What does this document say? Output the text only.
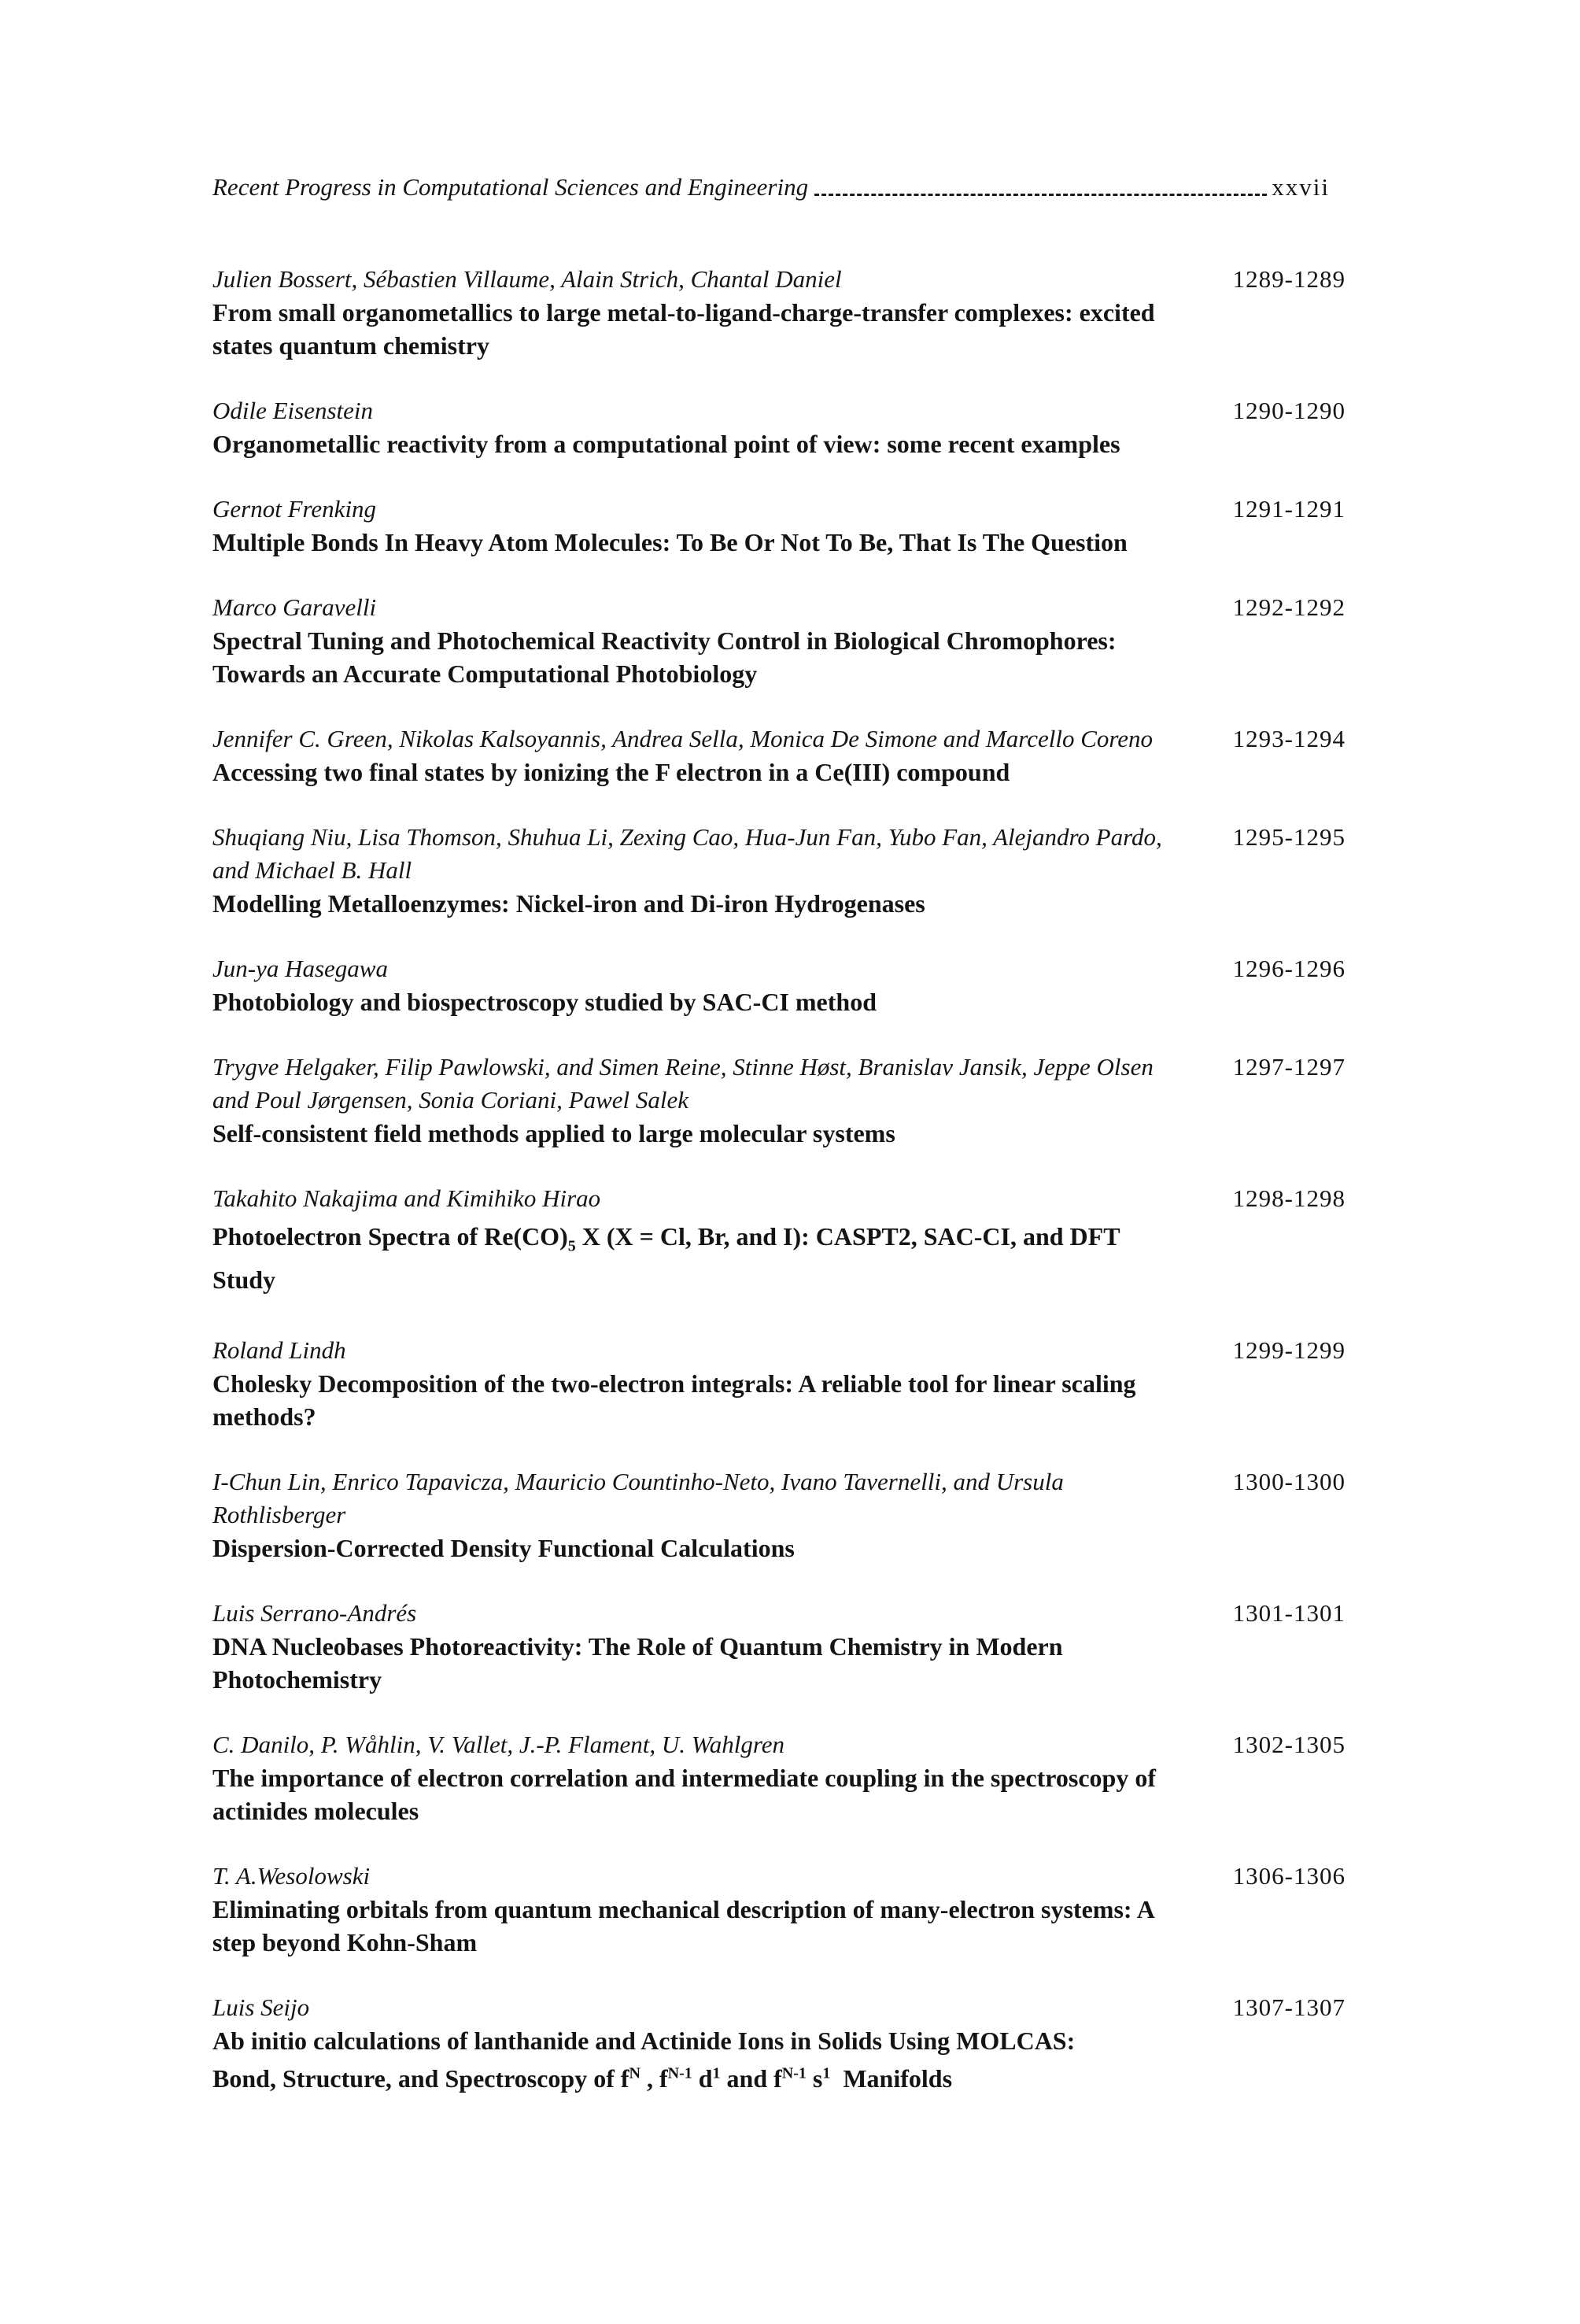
Recent Progress in Computational Sciences and Engineering	xxvii
Julien Bossert, Sébastien Villaume, Alain Strich, Chantal Daniel
From small organometallics to large metal-to-ligand-charge-transfer complexes: excited states quantum chemistry
1289-1289
Odile Eisenstein
Organometallic reactivity from a computational point of view: some recent examples
1290-1290
Gernot Frenking
Multiple Bonds In Heavy Atom Molecules: To Be Or Not To Be, That Is The Question
1291-1291
Marco Garavelli
Spectral Tuning and Photochemical Reactivity Control in Biological Chromophores: Towards an Accurate Computational Photobiology
1292-1292
Jennifer C. Green, Nikolas Kalsoyannis, Andrea Sella, Monica De Simone and Marcello Coreno
Accessing two final states by ionizing the F electron in a Ce(III) compound
1293-1294
Shuqiang Niu, Lisa Thomson, Shuhua Li, Zexing Cao, Hua-Jun Fan, Yubo Fan, Alejandro Pardo, and Michael B. Hall
Modelling Metalloenzymes: Nickel-iron and Di-iron Hydrogenases
1295-1295
Jun-ya Hasegawa
Photobiology and biospectroscopy studied by SAC-CI method
1296-1296
Trygve Helgaker, Filip Pawlowski, and Simen Reine, Stinne Høst, Branislav Jansik, Jeppe Olsen and Poul Jørgensen, Sonia Coriani, Pawel Salek
Self-consistent field methods applied to large molecular systems
1297-1297
Takahito Nakajima and Kimihiko Hirao
Photoelectron Spectra of $Re(CO)_5$ X (X = Cl, Br, and I): CASPT2, SAC-CI, and DFT Study
1298-1298
Roland Lindh
Cholesky Decomposition of the two-electron integrals: A reliable tool for linear scaling methods?
1299-1299
I-Chun Lin, Enrico Tapavicza, Mauricio Countinho-Neto, Ivano Tavernelli, and Ursula Rothlisberger
Dispersion-Corrected Density Functional Calculations
1300-1300
Luis Serrano-Andrés
DNA Nucleobases Photoreactivity: The Role of Quantum Chemistry in Modern Photochemistry
1301-1301
C. Danilo, P. Wåhlin, V. Vallet, J.-P. Flament, U. Wahlgren
The importance of electron correlation and intermediate coupling in the spectroscopy of actinides molecules
1302-1305
T. A.Wesolowski
Eliminating orbitals from quantum mechanical description of many-electron systems: A step beyond Kohn-Sham
1306-1306
Luis Seijo
Ab initio calculations of lanthanide and Actinide Ions in Solids Using MOLCAS:
Bond, Structure, and Spectroscopy of $f^N$ , $f^{N-1}$ $d^1$ and $f^{N-1}$ $s^1$  Manifolds
1307-1307
